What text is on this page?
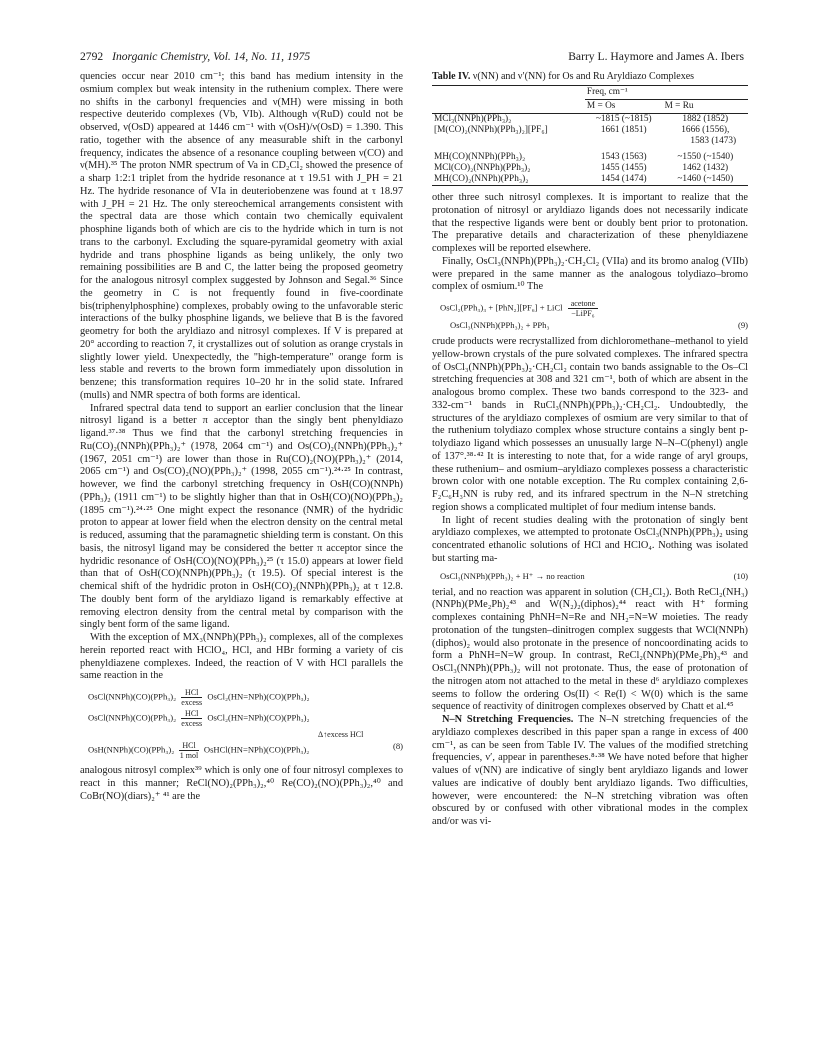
2792 Inorganic Chemistry, Vol. 14, No. 11, 1975	Barry L. Haymore and James A. Ibers

quencies occur near 2010 cm⁻¹; this band has medium intensity in the osmium complex but weak intensity in the ruthenium complex. There were no shifts in the carbonyl frequencies and ν(MH) were missing in both respective deuterido complexes (Vb, VIb). Although ν(RuD) could not be observed, ν(OsD) appeared at 1446 cm⁻¹ with ν(OsH)/ν(OsD) = 1.390. This ratio, together with the absence of any measurable shift in the carbonyl frequency, indicates the absence of a resonance coupling between ν(CO) and ν(MH).³⁵ The proton NMR spectrum of Va in CD₂Cl₂ showed the presence of a sharp 1:2:1 triplet from the hydride resonance at τ 19.51 with J_PH = 21 Hz. The hydride resonance of VIa in deuteriobenzene was found at τ 18.97 with J_PH = 21 Hz. The only stereochemical arrangements consistent with the spectral data are those which contain two chemically equivalent phosphine ligands both of which are cis to the hydride which in turn is not trans to the carbonyl. Excluding the square-pyramidal geometry with axial hydride and trans phosphine ligands as being unlikely, the only two remaining possibilities are B and C, the latter being the proposed geometry for the analogous nitrosyl complex suggested by Johnson and Segal.³⁶ Since the geometry in C is not frequently found in five-coordinate bis(triphenylphosphine) complexes, probably owing to the unfavorable steric interactions of the bulky phosphine ligands, we believe that B is the favored geometry for both the aryldiazo and nitrosyl complexes. If V is prepared at 20° according to reaction 7, it crystallizes out of solution as orange crystals in slightly lower yield. Unexpectedly, the "high-temperature" orange form is less stable and reverts to the brown form immediately upon dissolution in benzene; this transformation requires 10–20 hr in the solid state. Infrared (mulls) and NMR spectra of both forms are identical.

Infrared spectral data tend to support an earlier conclusion that the linear nitrosyl ligand is a better π acceptor than the singly bent phenyldiazo ligand.³⁷·³⁸ Thus we find that the carbonyl stretching frequencies in Ru(CO)₂(NNPh)(PPh₃)₂⁺ (1978, 2064 cm⁻¹) and Os(CO)₂(NNPh)(PPh₃)₂⁺ (1967, 2051 cm⁻¹) are lower than those in Ru(CO)₂(NO)(PPh₃)₂⁺ (2014, 2065 cm⁻¹) and Os(CO)₂(NO)(PPh₃)₂⁺ (1998, 2055 cm⁻¹).²⁴·²⁵ In contrast, however, we find the carbonyl stretching frequency in OsH(CO)(NNPh)(PPh₃)₂ (1911 cm⁻¹) to be slightly higher than that in OsH(CO)(NO)(PPh₃)₂ (1895 cm⁻¹).²⁴·²⁵ One might expect the resonance (NMR) of the hydridic proton to appear at lower field when the electron density on the central metal is reduced, assuming that the paramagnetic shielding term is constant. On this basis, the nitrosyl ligand may be considered the better π acceptor since the hydridic resonance of OsH(CO)(NO)(PPh₃)₂²⁵ (τ 15.0) appears at lower field than that of OsH(CO)(NNPh)(PPh₃)₂ (τ 19.5). Of special interest is the chemical shift of the hydridic proton in OsH(CO)₂(NNPh)(PPh₃)₂ at τ 12.8. The doubly bent form of the aryldiazo ligand is remarkably effective at removing electron density from the central metal by comparison with the singly bent form of the same ligand.

With the exception of MX₃(NNPh)(PPh₃)₂ complexes, all of the complexes herein reported react with HClO₄, HCl, and HBr forming a variety of cis phenyldiazene complexes. Indeed, the reaction of V with HCl parallels the same reaction in the

OsCl(NNPh)(CO)(PPh₃)₂	HCl
excess
OsCl₂(HN=NPh)(CO)(PPh₃)₂
OsCl(NNPh)(CO)(PPh₃)₂	HCl
excess
OsCl₂(HN=NPh)(CO)(PPh₃)₂
Δ↑excess HCl
OsH(NNPh)(CO)(PPh₃)₂	HCl
1 mol
OsHCl(HN=NPh)(CO)(PPh₃)₂	(8)

analogous nitrosyl complex³⁹ which is only one of four nitrosyl complexes to react in this manner; ReCl(NO)₂(PPh₃)₂,⁴⁰ Re(CO)₂(NO)(PPh₃)₂,⁴⁰ and CoBr(NO)(diars)₂⁺ ⁴¹ are the

Table IV. ν(NN) and ν′(NN) for Os and Ru Aryldiazo Complexes
	Freq, cm⁻¹	
	M = Os	M = Ru
MCl₃(NNPh)(PPh₃)₂	~1815 (~1815)	1882 (1852)
[M(CO)₂(NNPh)(PPh₃)₂][PF₆]	1661 (1851)	1666 (1556),
		1583 (1473)

MH(CO)(NNPh)(PPh₃)₂	1543 (1563)	~1550 (~1540)
MCl(CO)₂(NNPh)(PPh₃)₂	1455 (1455)	1462 (1432)
MH(CO)₂(NNPh)(PPh₃)₂	1454 (1474)	~1460 (~1450)

other three such nitrosyl complexes. It is important to realize that the protonation of nitrosyl or aryldiazo ligands does not necessarily indicate that the respective ligands were bent or doubly bent prior to protonation. The preparative details and characterization of these phenyldiazene complexes will be reported elsewhere.

Finally, OsCl₃(NNPh)(PPh₃)₂·CH₂Cl₂ (VIIa) and its bromo analog (VIIb) were prepared in the same manner as the analogous tolydiazo–bromo complex of osmium.¹⁰ The

OsCl₂(PPh₃)₃ + [PhN₂][PF₆] + LiCl	acetone
−LiPF₆
OsCl₃(NNPh)(PPh₃)₂ + PPh₃	(9)

crude products were recrystallized from dichloromethane–methanol to yield yellow-brown crystals of the pure solvated complexes. The infrared spectra of OsCl₃(NNPh)(PPh₃)₂·CH₂Cl₂ contain two bands assignable to the Os–Cl stretching frequencies at 308 and 321 cm⁻¹, both of which are absent in the analogous bromo complex. These two bands correspond to the 323- and 332-cm⁻¹ bands in RuCl₃(NNPh)(PPh₃)₂·CH₂Cl₂. Undoubtedly, the structures of the aryldiazo complexes of osmium are very similar to that of the ruthenium tolydiazo complex whose structure contains a singly bent p-tolydiazo ligand which possesses an unusually large N–N–C(phenyl) angle of 137°.³⁸·⁴² It is interesting to note that, for a wide range of aryl groups, these ruthenium– and osmium–aryldiazo complexes possess a characteristic brown color with one notable exception. The Ru complex containing 2,6-F₂C₆H₃NN is ruby red, and its infrared spectrum in the N–N stretching region shows a complicated multiplet of four medium intense bands.

In light of recent studies dealing with the protonation of singly bent aryldiazo complexes, we attempted to protonate OsCl₃(NNPh)(PPh₃)₂ using concentrated ethanolic solutions of HCl and HClO₄. Nothing was isolated but starting ma-

OsCl₃(NNPh)(PPh₃)₂ + H⁺ → no reaction	(10)

terial, and no reaction was apparent in solution (CH₂Cl₂). Both ReCl₂(NH₃)(NNPh)(PMe₂Ph)₂⁴³ and W(N₂)₂(diphos)₂⁴⁴ react with H⁺ forming complexes containing PhNH=N=Re and NH₂=N=W moieties. The ready protonation of the tungsten–dinitrogen complex suggests that WCl(NNPh)(diphos)₂ would also protonate in the presence of noncoordinating acids to form a PhNH=N=W group. In contrast, ReCl₂(NNPh)(PMe₂Ph)₃⁴³ and OsCl₃(NNPh)(PPh₃)₂ will not protonate. Thus, the ease of protonation of the nitrogen atom not attached to the metal in these d⁶ aryldiazo complexes seems to follow the ordering Os(II) < Re(I) < W(0) which is the same sequence of reactivity of dinitrogen complexes observed by Chatt et al.⁴⁵

N–N Stretching Frequencies. The N–N stretching frequencies of the aryldiazo complexes described in this paper span a range in excess of 400 cm⁻¹, as can be seen from Table IV. The values of the modified stretching frequencies, ν′, appear in parentheses.⁸·³⁸ We have noted before that higher values of ν(NN) are indicative of singly bent aryldiazo ligands and lower values are indicative of doubly bent aryldiazo ligands. Two difficulties, however, were encountered: the N–N stretching vibration was often obscured by or confused with other vibrational modes in the complex and/or was vi-
